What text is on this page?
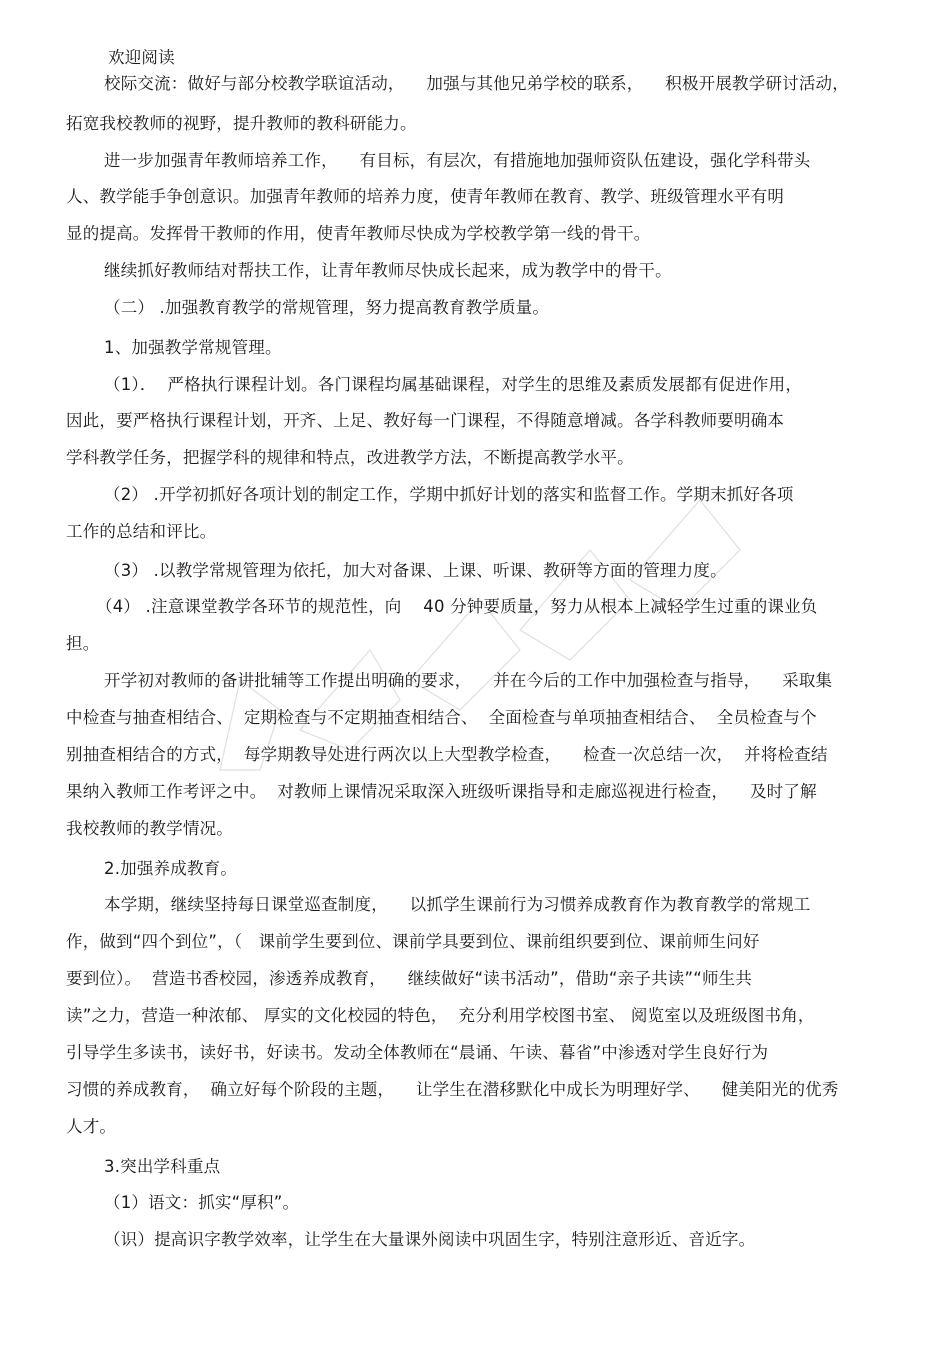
欢迎阅读
校际交流：做好与部分校教学联谊活动，    加强与其他兄弟学校的联系，    积极开展教学研讨活动，
拓宽我校教师的视野，提升教师的教科研能力。
进一步加强青年教师培养工作，    有目标，有层次，有措施地加强师资队伍建设，强化学科带头
人、教学能手争创意识。加强青年教师的培养力度，使青年教师在教育、教学、班级管理水平有明
显的提高。发挥骨干教师的作用，使青年教师尽快成为学校教学第一线的骨干。
继续抓好教师结对帮扶工作，让青年教师尽快成长起来，成为教学中的骨干。
（二） .加强教育教学的常规管理，努力提高教育教学质量。
1、加强教学常规管理。
（1）．  严格执行课程计划。各门课程均属基础课程，对学生的思维及素质发展都有促进作用，
因此，要严格执行课程计划，开齐、上足、教好每一门课程，不得随意增减。各学科教师要明确本
学科教学任务，把握学科的规律和特点，改进教学方法，不断提高教学水平。
（2） .开学初抓好各项计划的制定工作，学期中抓好计划的落实和监督工作。学期末抓好各项
工作的总结和评比。
（3） .以教学常规管理为依托，加大对备课、上课、听课、教研等方面的管理力度。
（4） .注意课堂教学各环节的规范性，向    40 分钟要质量，努力从根本上减轻学生过重的课业负
担。
开学初对教师的备讲批辅等工作提出明确的要求，    并在今后的工作中加强检查与指导，    采取集
中检查与抽查相结合、  定期检查与不定期抽查相结合、  全面检查与单项抽查相结合、  全员检查与个
别抽查相结合的方式，  每学期教导处进行两次以上大型教学检查，    检查一次总结一次，  并将检查结
果纳入教师工作考评之中。  对教师上课情况采取深入班级听课指导和走廊巡视进行检查，    及时了解
我校教师的教学情况。
2.加强养成教育。
本学期，继续坚持每日课堂巡查制度，    以抓学生课前行为习惯养成教育作为教育教学的常规工
作，做到“四个到位”，（   课前学生要到位、课前学具要到位、课前组织要到位、课前师生问好
要到位）。  营造书香校园，渗透养成教育，    继续做好“读书活动”，借助“亲子共读”“师生共
读”之力，营造一种浓郁、 厚实的文化校园的特色，  充分利用学校图书室、 阅览室以及班级图书角，
引导学生多读书，读好书，好读书。发动全体教师在“晨诵、午读、暮省”中渗透对学生良好行为
习惯的养成教育，  确立好每个阶段的主题，    让学生在潜移默化中成长为明理好学、    健美阳光的优秀
人才。
3.突出学科重点
（1）语文：抓实“厚积”。
（识）提高识字教学效率，让学生在大量课外阅读中巩固生字，特别注意形近、音近字。
